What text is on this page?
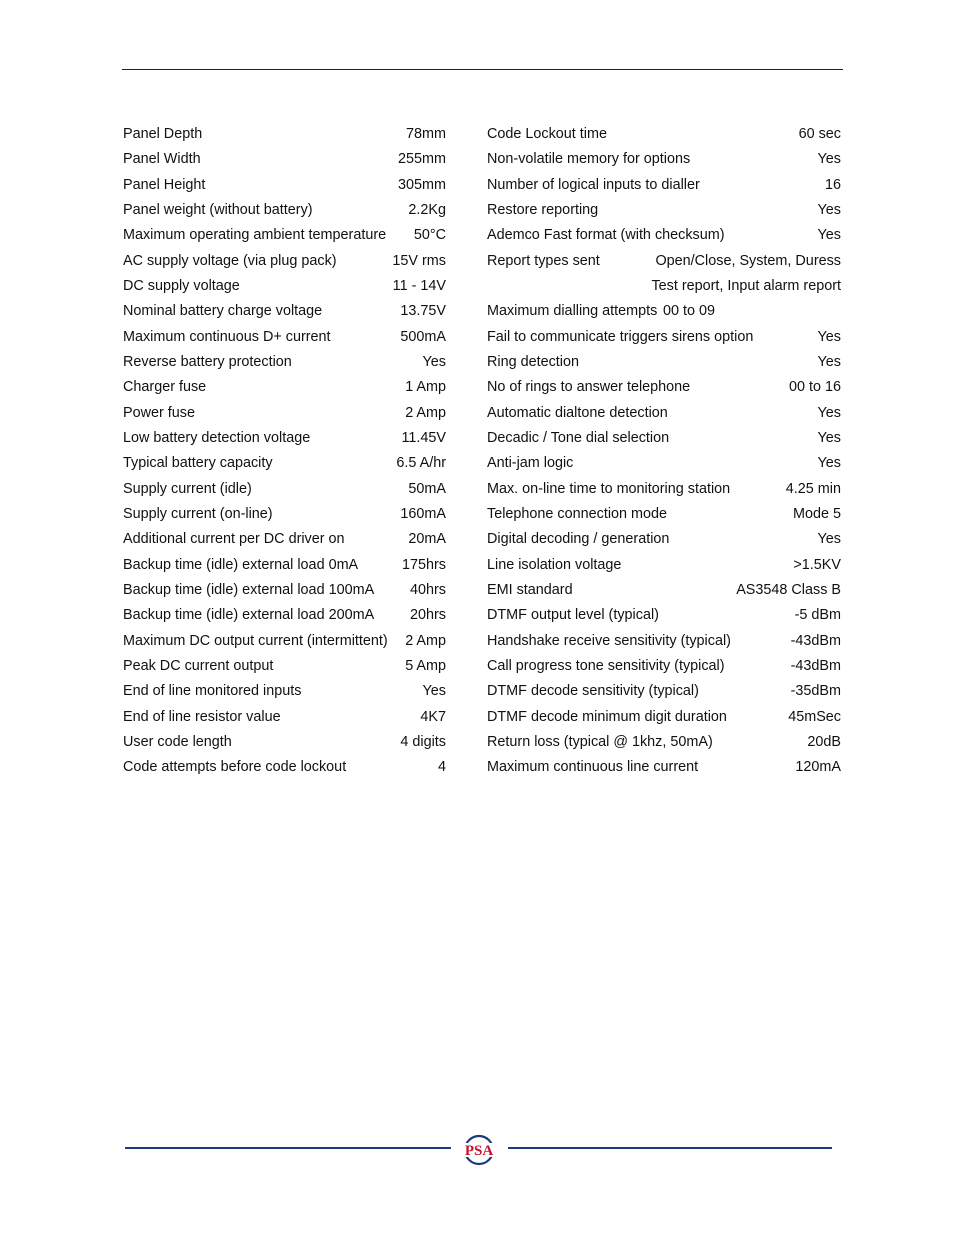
Panel Depth	78mm
Panel Width	255mm
Panel Height	305mm
Panel weight (without battery)	2.2Kg
Maximum operating ambient temperature 50°C
AC supply voltage (via plug pack)	15V rms
DC supply voltage	11 - 14V
Nominal battery charge voltage	13.75V
Maximum continuous D+ current	500mA
Reverse battery protection	Yes
Charger fuse	1 Amp
Power fuse	2 Amp
Low battery detection voltage	11.45V
Typical battery capacity	6.5 A/hr
Supply current (idle)	50mA
Supply current (on-line)	160mA
Additional current per DC driver on	20mA
Backup time (idle) external load 0mA	175hrs
Backup time (idle) external load 100mA 40hrs
Backup time (idle) external load 200mA 20hrs
Maximum DC output current (intermittent) 2 Amp
Peak DC current output	5 Amp
End of line monitored inputs	Yes
End of line resistor value	4K7
User code length	4 digits
Code attempts before code lockout	4
Code Lockout time	60 sec
Non-volatile memory for options	Yes
Number of logical inputs to dialler	16
Restore reporting	Yes
Ademco Fast format (with checksum)	Yes
Report types sent	Open/Close, System, Duress
Test report, Input alarm report
Maximum dialling attempts 00 to 09
Fail to communicate triggers sirens option	Yes
Ring detection	Yes
No of rings to answer telephone	00 to 16
Automatic dialtone detection	Yes
Decadic / Tone dial selection	Yes
Anti-jam logic	Yes
Max. on-line time to monitoring station	4.25 min
Telephone connection mode	Mode 5
Digital decoding / generation	Yes
Line isolation voltage	>1.5KV
EMI standard	AS3548 Class B
DTMF output level (typical)	-5 dBm
Handshake receive sensitivity (typical)	-43dBm
Call progress tone sensitivity (typical)	-43dBm
DTMF decode sensitivity (typical)	-35dBm
DTMF decode minimum digit duration	45mSec
Return loss (typical @ 1khz, 50mA)	20dB
Maximum continuous line current	120mA
PSA
